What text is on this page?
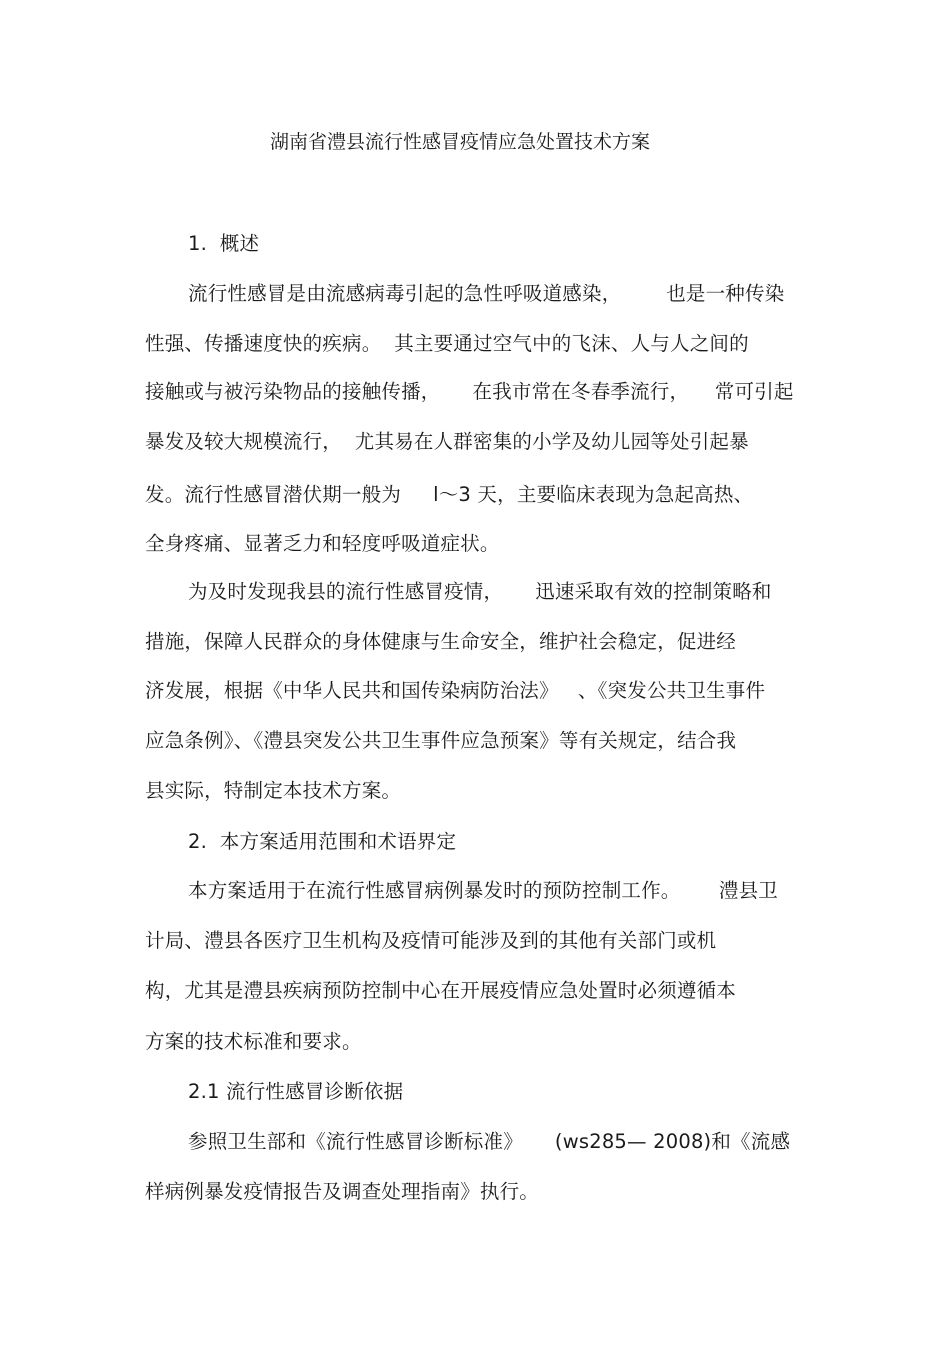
湖南省澧县流行性感冒疫情应急处置技术方案
1.  概述
流行性感冒是由流感病毒引起的急性呼吸道感染，       也是一种传染
性强、传播速度快的疾病。  其主要通过空气中的飞沫、人与人之间的
接触或与被污染物品的接触传播，     在我市常在冬春季流行，    常可引起
暴发及较大规模流行，  尤其易在人群密集的小学及幼儿园等处引起暴
发。流行性感冒潜伏期一般为     l～3 天，主要临床表现为急起高热、
全身疼痛、显著乏力和轻度呼吸道症状。
为及时发现我县的流行性感冒疫情，     迅速采取有效的控制策略和
措施，保障人民群众的身体健康与生命安全，维护社会稳定，促进经
济发展，根据《中华人民共和国传染病防治法》   、《突发公共卫生事件
应急条例》、《澧县突发公共卫生事件应急预案》等有关规定，结合我
县实际，特制定本技术方案。
2.  本方案适用范围和术语界定
本方案适用于在流行性感冒病例暴发时的预防控制工作。      澧县卫
计局、澧县各医疗卫生机构及疫情可能涉及到的其他有关部门或机
构，尤其是澧县疾病预防控制中心在开展疫情应急处置时必须遵循本
方案的技术标准和要求。
2.1 流行性感冒诊断依据
参照卫生部和《流行性感冒诊断标准》     (ws285— 2008)和《流感
样病例暴发疫情报告及调查处理指南》执行。
